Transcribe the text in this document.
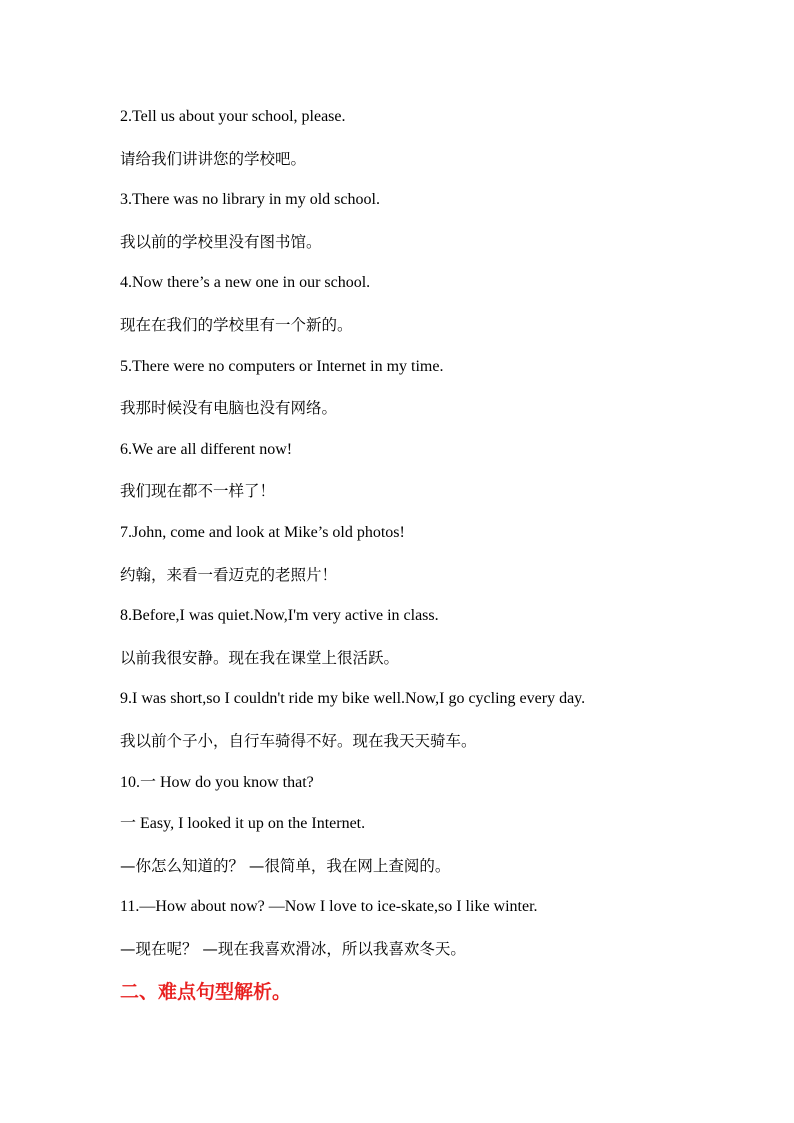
2.Tell us about your school, please.
请给我们讲讲您的学校吧。
3.There was no library in my old school.
我以前的学校里没有图书馆。
4.Now there’s a new one in our school.
现在在我们的学校里有一个新的。
5.There were no computers or Internet in my time.
我那时候没有电脑也没有网络。
6.We are all different now!
我们现在都不一样了！
7.John, come and look at Mike’s old photos!
约翰，来看一看迈克的老照片！
8.Before,I was quiet.Now,I'm very active in class.
以前我很安静。现在我在课堂上很活跃。
9.I was short,so I couldn't ride my bike well.Now,I go cycling every day.
我以前个子小，自行车骑得不好。现在我天天骑车。
10.一 How do you know that?
一 Easy, I looked it up on the Internet.
—你怎么知道的？ —很简单，我在网上查阅的。
11.—How about now? —Now I love to ice-skate,so I like winter.
—现在呢？ —现在我喜欢滑冰，所以我喜欢冬天。
二、难点句型解析。
